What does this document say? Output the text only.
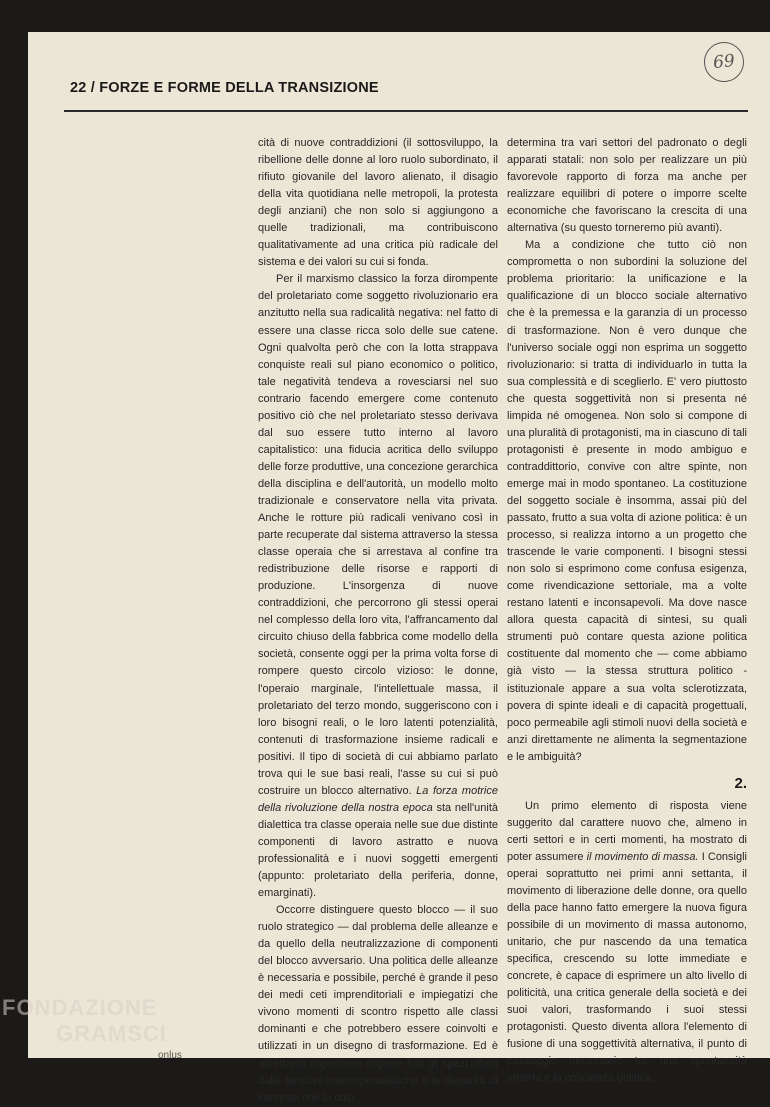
22 / FORZE E FORME DELLA TRANSIZIONE
69

cità di nuove contraddizioni (il sottosviluppo, la ribellione delle donne al loro ruolo subordinato, il rifiuto giovanile del lavoro alienato, il disagio della vita quotidiana nelle metropoli, la protesta degli anziani) che non solo si aggiungono a quelle tradizionali, ma contribuiscono qualitativamente ad una critica più radicale del sistema e dei valori su cui si fonda.

Per il marxismo classico la forza dirompente del proletariato come soggetto rivoluzionario era anzitutto nella sua radicalità negativa: nel fatto di essere una classe ricca solo delle sue catene. Ogni qualvolta però che con la lotta strappava conquiste reali sul piano economico o politico, tale negatività tendeva a rovesciarsi nel suo contrario facendo emergere come contenuto positivo ciò che nel proletariato stesso derivava dal suo essere tutto interno al lavoro capitalistico: una fiducia acritica dello sviluppo delle forze produttive, una concezione gerarchica della disciplina e dell'autorità, un modello molto tradizionale e conservatore nella vita privata. Anche le rotture più radicali venivano così in parte recuperate dal sistema attraverso la stessa classe operaia che si arrestava al confine tra redistribuzione delle risorse e rapporti di produzione. L'insorgenza di nuove contraddizioni, che percorrono gli stessi operai nel complesso della loro vita, l'affrancamento dal circuito chiuso della fabbrica come modello della società, consente oggi per la prima volta forse di rompere questo circolo vizioso: le donne, l'operaio marginale, l'intellettuale massa, il proletariato del terzo mondo, suggeriscono con i loro bisogni reali, o le loro latenti potenzialità, contenuti di trasformazione insieme radicali e positivi. Il tipo di società di cui abbiamo parlato trova qui le sue basi reali, l'asse su cui si può costruire un blocco alternativo. La forza motrice della rivoluzione della nostra epoca sta nell'unità dialettica tra classe operaia nelle sue due distinte componenti di lavoro astratto e nuova professionalità e i nuovi soggetti emergenti (appunto: proletariato della periferia, donne, emarginati).

Occorre distinguere questo blocco — il suo ruolo strategico — dal problema delle alleanze e da quello della neutralizzazione di componenti del blocco avversario. Una politica delle alleanze è necessaria e possibile, perché è grande il peso dei medi ceti imprenditoriali e impiegatizi che vivono momenti di scontro rispetto alle classi dominanti e che potrebbero essere coinvolti e utilizzati in un disegno di trasformazione. Ed è altrettanto importante cogliere tutti gli spazi offerti dalle tensioni interimperialistiche o le disparità di interessi che la crisi

determina tra vari settori del padronato o degli apparati statali: non solo per realizzare un più favorevole rapporto di forza ma anche per realizzare equilibri di potere o imporre scelte economiche che favoriscano la crescita di una alternativa (su questo torneremo più avanti).

Ma a condizione che tutto ciò non comprometta o non subordini la soluzione del problema prioritario: la unificazione e la qualificazione di un blocco sociale alternativo che è la premessa e la garanzia di un processo di trasformazione. Non è vero dunque che l'universo sociale oggi non esprima un soggetto rivoluzionario: si tratta di individuarlo in tutta la sua complessità e di sceglierlo. E' vero piuttosto che questa soggettività non si presenta né limpida né omogenea. Non solo si compone di una pluralità di protagonisti, ma in ciascuno di tali protagonisti è presente in modo ambiguo e contraddittorio, convive con altre spinte, non emerge mai in modo spontaneo. La costituzione del soggetto sociale è insomma, assai più del passato, frutto a sua volta di azione politica: è un processo, si realizza intorno a un progetto che trascende le varie componenti. I bisogni stessi non solo si esprimono come confusa esigenza, come rivendicazione settoriale, ma a volte restano latenti e inconsapevoli. Ma dove nasce allora questa capacità di sintesi, su quali strumenti può contare questa azione politica costituente dal momento che — come abbiamo già visto — la stessa struttura politico - istituzionale appare a sua volta sclerotizzata, povera di spinte ideali e di capacità progettuali, poco permeabile agli stimoli nuovi della società e anzi direttamente ne alimenta la segmentazione e le ambiguità?

2.

Un primo elemento di risposta viene suggerito dal carattere nuovo che, almeno in certi settori e in certi momenti, ha mostrato di poter assumere il movimento di massa. I Consigli operai soprattutto nei primi anni settanta, il movimento di liberazione delle donne, ora quello della pace hanno fatto emergere la nuova figura possibile di un movimento di massa autonomo, unitario, che pur nascendo da una tematica specifica, crescendo su lotte immediate e concrete, è capace di esprimere un alto livello di politicità, una critica generale della società e dei suoi valori, trasformando i suoi stessi protagonisti. Questo diventa allora l'elemento di fusione di una soggettività alternativa, il punto di passaggio necessario tra una spontaneità amorfa e la coscienza politica.

FONDAZIONE
GRAMSCI
onlus
